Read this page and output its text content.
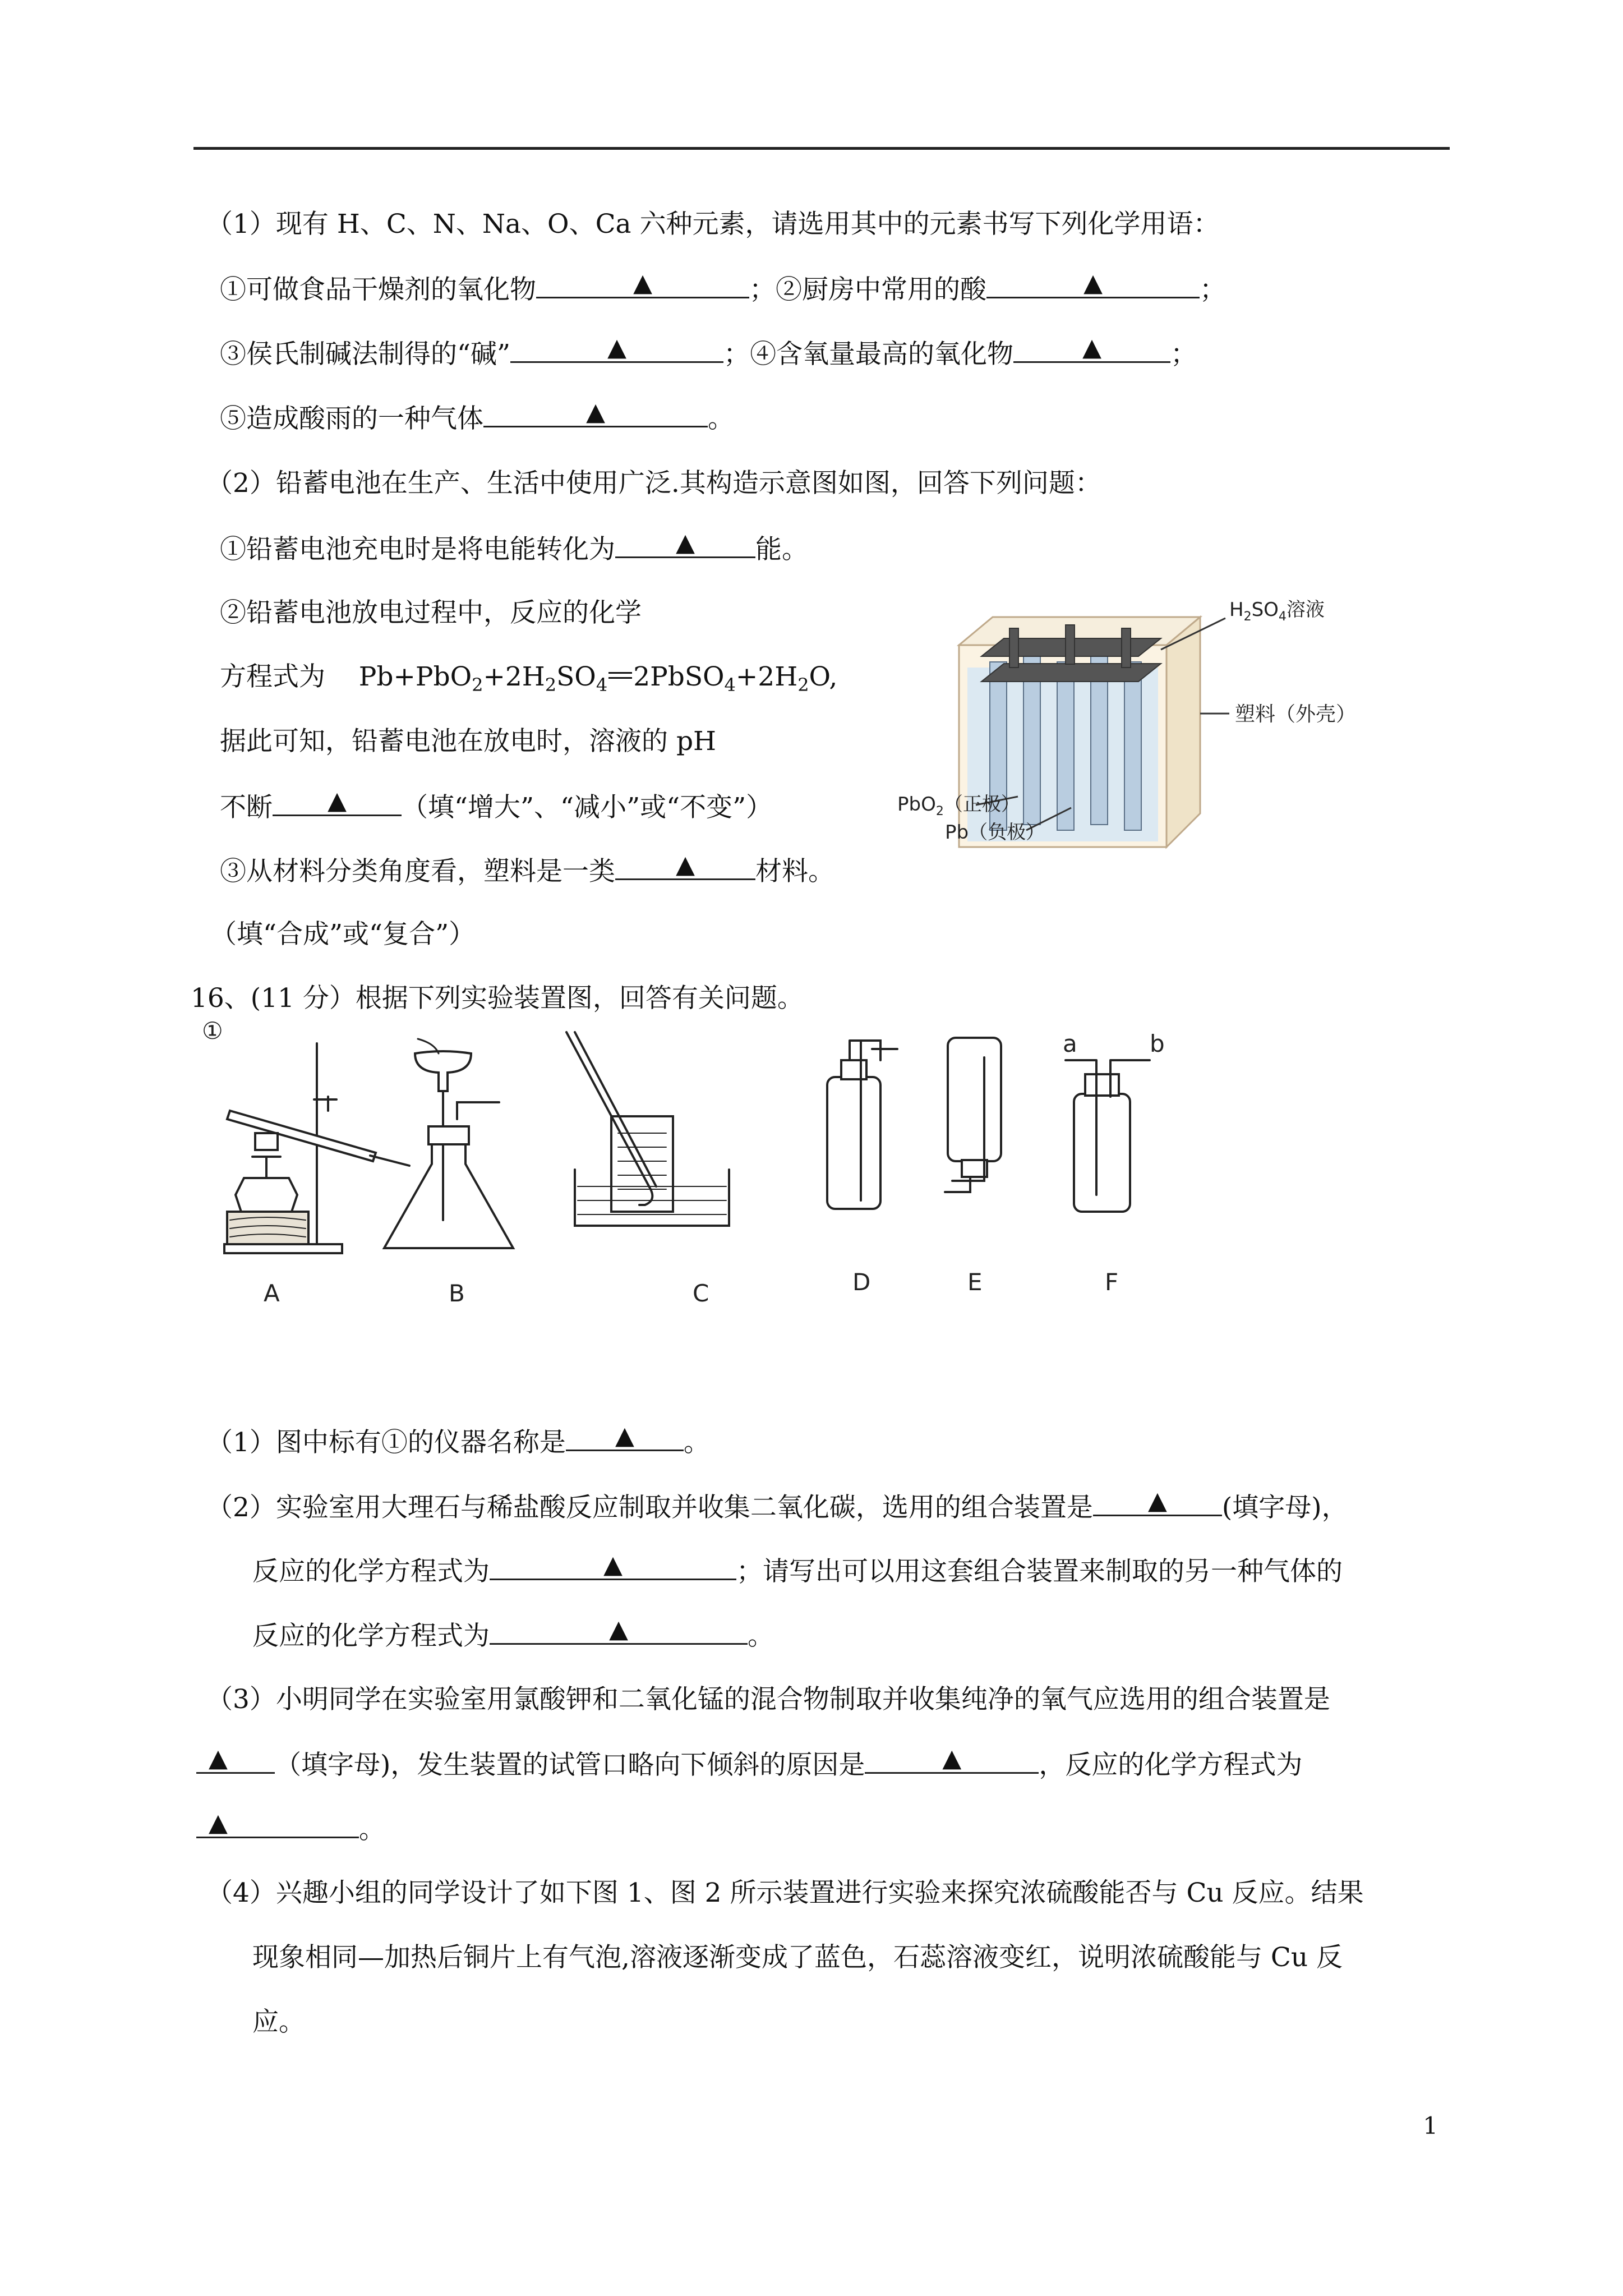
（1）现有 H、C、N、Na、O、Ca 六种元素，请选用其中的元素书写下列化学用语：
①可做食品干燥剂的氧化物	▲	；②厨房中常用的酸	▲	；
③侯氏制碱法制得的“碱”	▲	；④含氧量最高的氧化物	▲	；
⑤造成酸雨的一种气体	▲	。
（2）铅蓄电池在生产、生活中使用广泛.其构造示意图如图，回答下列问题：
①铅蓄电池充电时是将电能转化为 ▲ 能。
②铅蓄电池放电过程中，反应的化学
方程式为 $Pb+PbO_2+2H_2SO_4$ $2PbSO_4+2H_2O$,
据此可知，铅蓄电池在放电时，溶液的 pH
不断 ▲ （填“增大”、“减小”或“不变”）
③从材料分类角度看，塑料是一类 ▲ 材料。
（填“合成”或“复合”）
$H_2SO_4$溶液
塑料（外壳）
PbO$_2$（正极）
Pb（负极）
16、(11 分）根据下列实验装置图，回答有关问题。
①	a	b
A	B	C	D	E	F
（1）图中标有①的仪器名称是 ▲ 。
（2）实验室用大理石与稀盐酸反应制取并收集二氧化碳，选用的组合装置是 ▲ (填字母)，
反应的化学方程式为	▲	；请写出可以用这套组合装置来制取的另一种气体的
反应的化学方程式为	▲	。
（3）小明同学在实验室用氯酸钾和二氧化锰的混合物制取并收集纯净的氧气应选用的组合装置是
▲ （填字母)，发生装置的试管口略向下倾斜的原因是	▲	，反应的化学方程式为
▲	。
（4）兴趣小组的同学设计了如下图 1、图 2 所示装置进行实验来探究浓硫酸能否与 Cu 反应。结果
现象相同—加热后铜片上有气泡,溶液逐渐变成了蓝色，石蕊溶液变红，说明浓硫酸能与 Cu 反
应。
1
